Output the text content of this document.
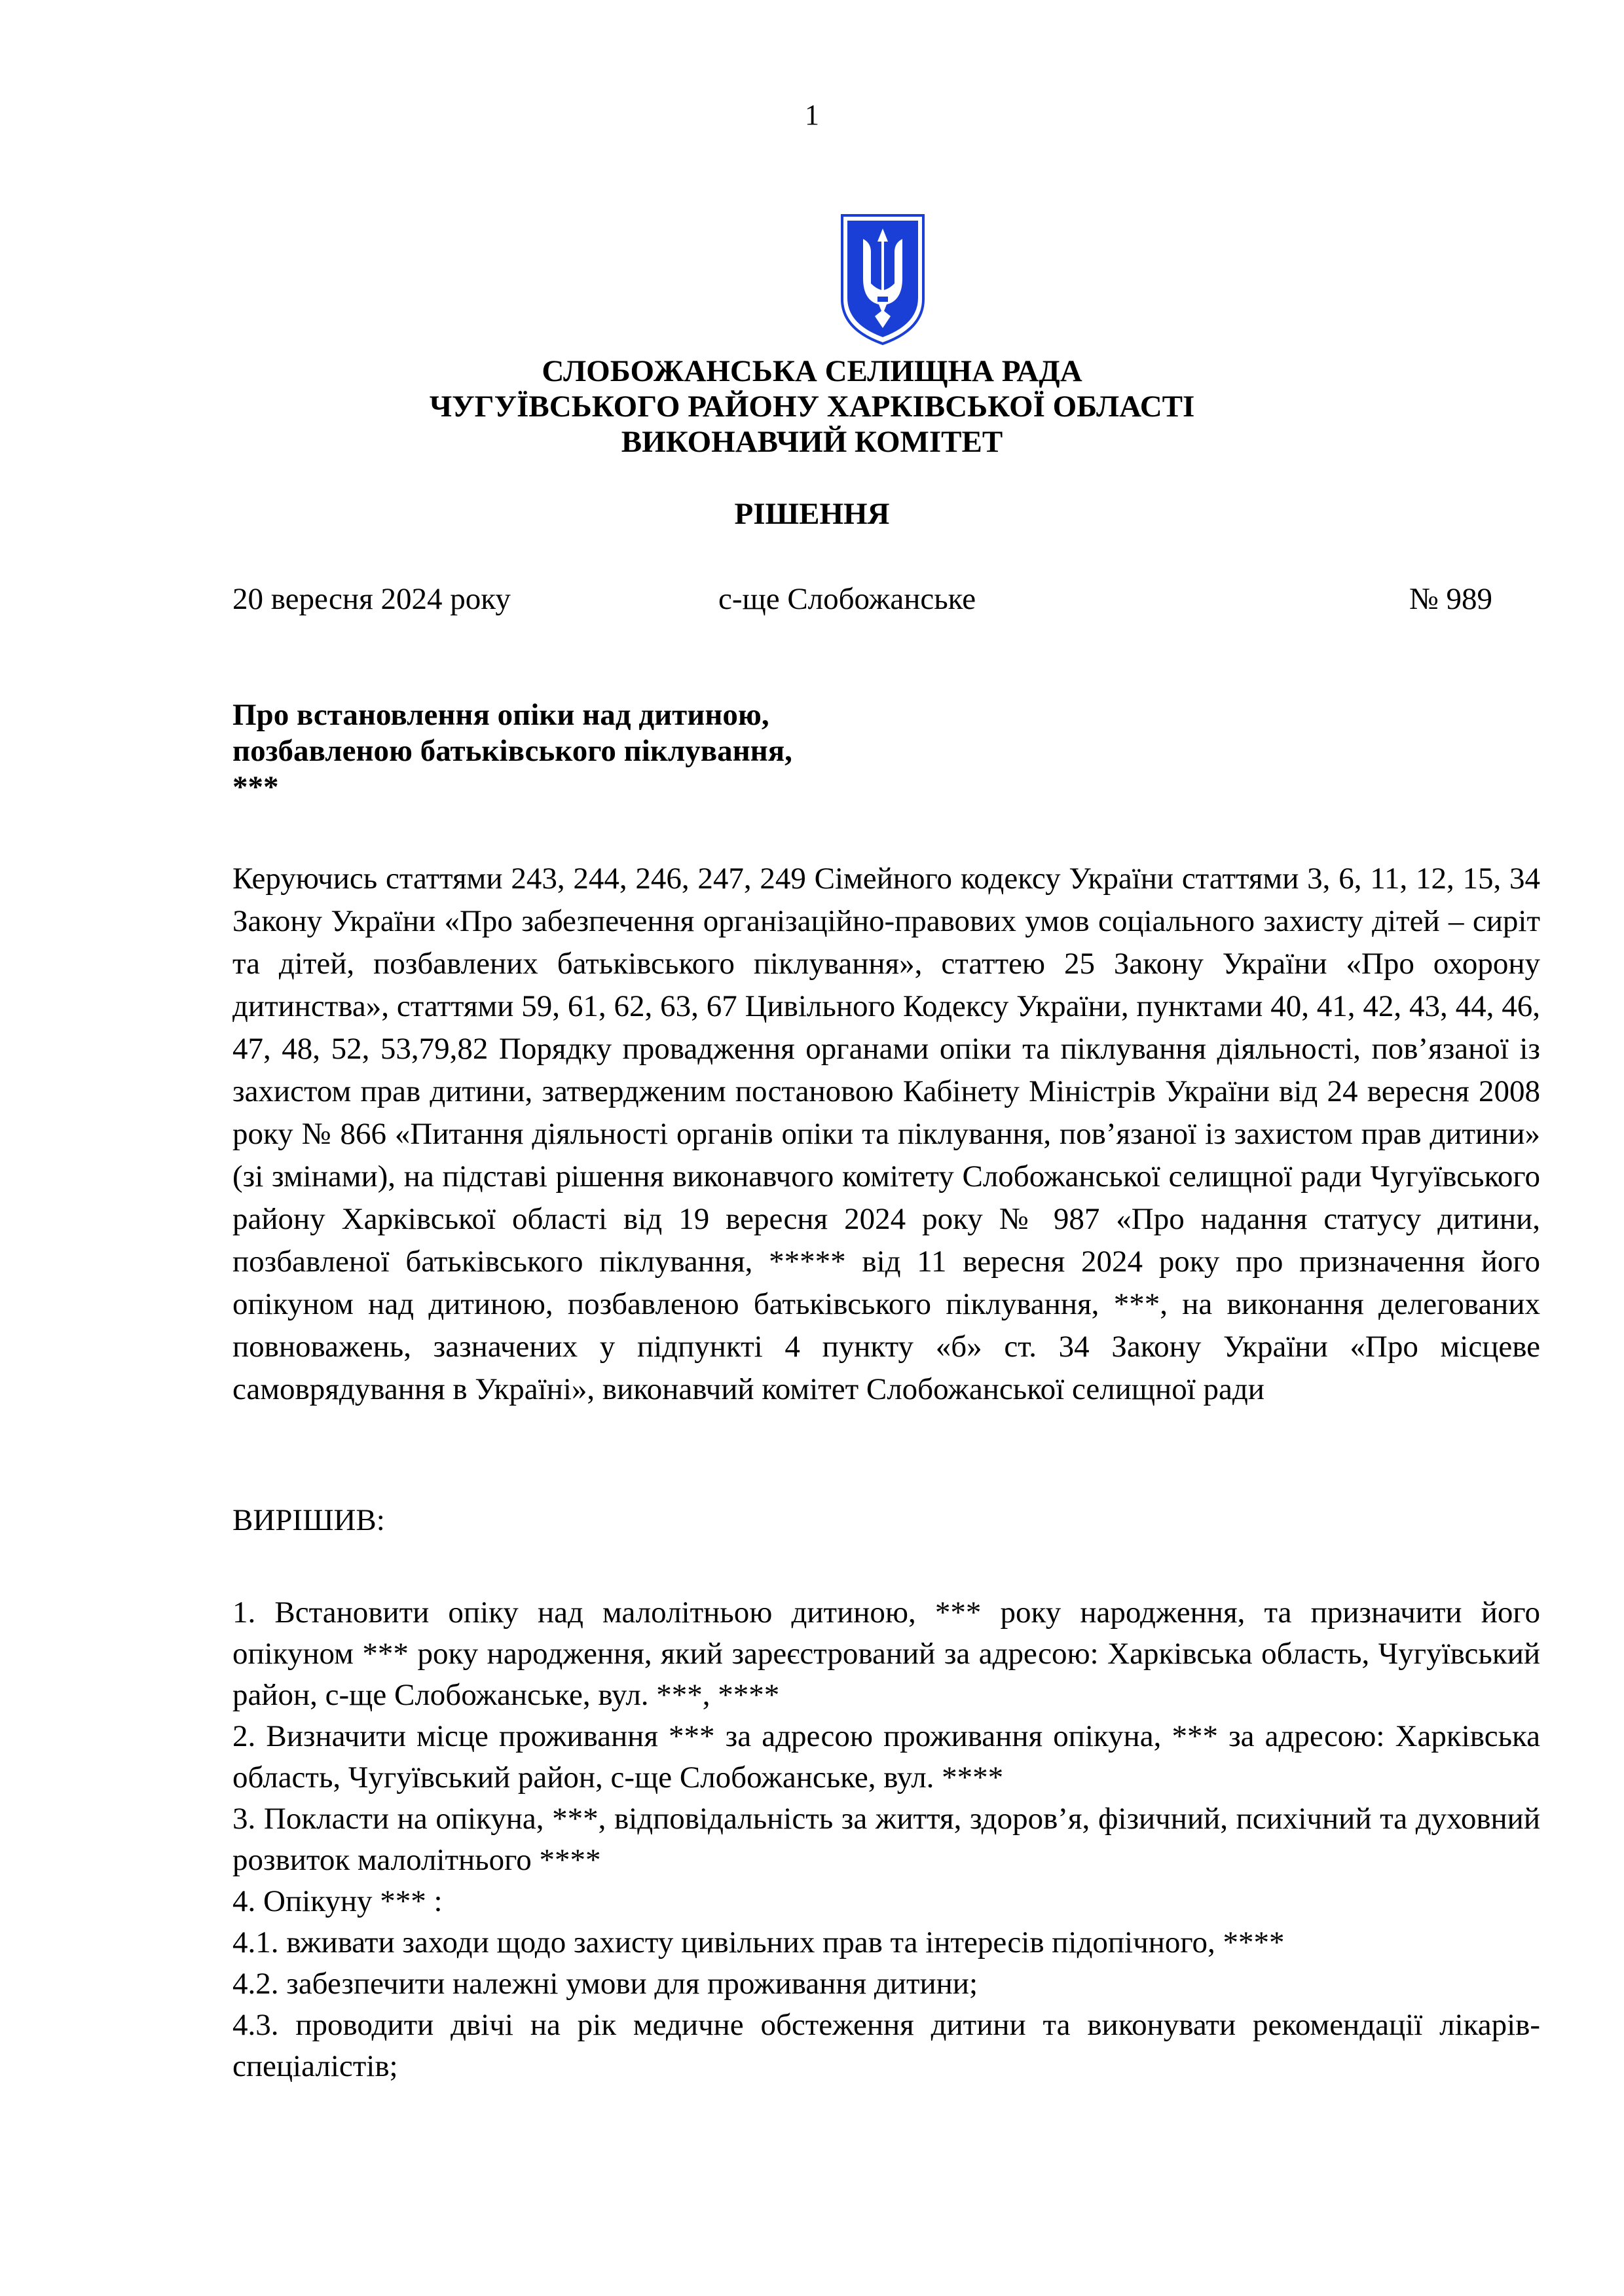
1
СЛОБОЖАНСЬКА СЕЛИЩНА РАДА
ЧУГУЇВСЬКОГО РАЙОНУ ХАРКІВСЬКОЇ ОБЛАСТІ
ВИКОНАВЧИЙ КОМІТЕТ
РІШЕННЯ
20 вересня 2024 року	с-ще Слобожанське	№ 989
Про встановлення опіки над дитиною,
позбавленою батьківського піклування,
***
Керуючись статтями 243, 244, 246, 247, 249 Сімейного кодексу України статтями 3, 6, 11, 12, 15, 34 Закону України «Про забезпечення організаційно-правових умов соціального захисту дітей – сиріт та дітей, позбавлених батьківського піклування», статтею 25 Закону України «Про охорону дитинства», статтями 59, 61, 62, 63, 67 Цивільного Кодексу України, пунктами 40, 41, 42, 43, 44, 46, 47, 48, 52, 53,79,82 Порядку провадження органами опіки та піклування діяльності, пов’язаної із захистом прав дитини, затвердженим постановою Кабінету Міністрів України від 24 вересня 2008 року № 866 «Питання діяльності органів опіки та піклування, пов’язаної із захистом прав дитини» (зі змінами), на підставі рішення виконавчого комітету Слобожанської селищної ради Чугуївського району Харківської області від 19 вересня 2024 року № 987 «Про надання статусу дитини, позбавленої батьківського піклування, ***** від 11 вересня 2024 року про призначення його опікуном над дитиною, позбавленою батьківського піклування, ***, на виконання делегованих повноважень, зазначених у підпункті 4 пункту «б» ст. 34 Закону України «Про місцеве самоврядування в Україні», виконавчий комітет Слобожанської селищної ради
ВИРІШИВ:
1. Встановити опіку над малолітньою дитиною, *** року народження, та призначити його опікуном *** року народження, який зареєстрований за адресою: Харківська область, Чугуївський район, с-ще Слобожанське, вул. ***, ****
2. Визначити місце проживання *** за адресою проживання опікуна, *** за адресою: Харківська область, Чугуївський район, с-ще Слобожанське, вул. ****
3. Покласти на опікуна, ***, відповідальність за життя, здоров’я, фізичний, психічний та духовний розвиток малолітнього ****
4. Опікуну *** :
4.1. вживати заходи щодо захисту цивільних прав та інтересів підопічного, ****
4.2. забезпечити належні умови для проживання дитини;
4.3. проводити двічі на рік медичне обстеження дитини та виконувати рекомендації лікарів-спеціалістів;
